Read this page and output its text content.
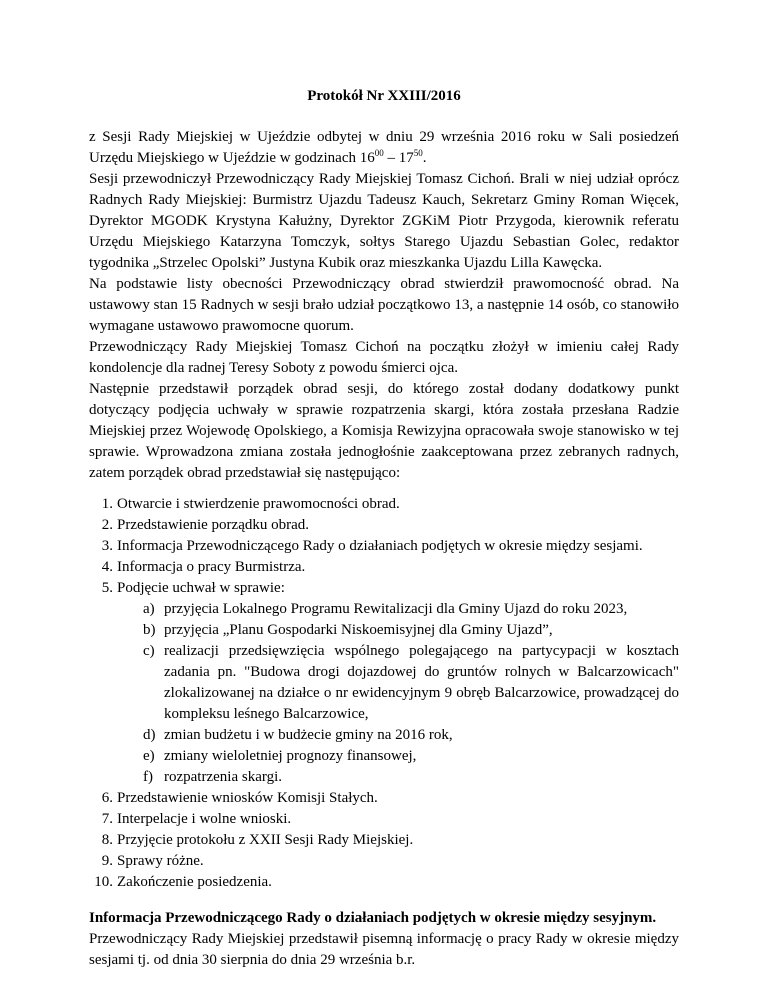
Protokół Nr XXIII/2016

z Sesji Rady Miejskiej w Ujeździe odbytej w dniu 29 września 2016 roku w Sali posiedzeń Urzędu Miejskiego w Ujeździe w godzinach $16^{00} - 17^{50}$.

Sesji przewodniczył Przewodniczący Rady Miejskiej Tomasz Cichoń. Brali w niej udział oprócz Radnych Rady Miejskiej: Burmistrz Ujazdu Tadeusz Kauch, Sekretarz Gminy Roman Więcek, Dyrektor MGODK Krystyna Kałużny, Dyrektor ZGKiM Piotr Przygoda, kierownik referatu Urzędu Miejskiego Katarzyna Tomczyk, sołtys Starego Ujazdu Sebastian Golec, redaktor tygodnika „Strzelec Opolski” Justyna Kubik oraz mieszkanka Ujazdu Lilla Kawęcka.

Na podstawie listy obecności Przewodniczący obrad stwierdził prawomocność obrad. Na ustawowy stan 15 Radnych w sesji brało udział początkowo 13, a następnie 14 osób, co stanowiło wymagane ustawowo prawomocne quorum.

Przewodniczący Rady Miejskiej Tomasz Cichoń na początku złożył w imieniu całej Rady kondolencje dla radnej Teresy Soboty z powodu śmierci ojca.

Następnie przedstawił porządek obrad sesji, do którego został dodany dodatkowy punkt dotyczący podjęcia uchwały w sprawie rozpatrzenia skargi, która została przesłana Radzie Miejskiej przez Wojewodę Opolskiego, a Komisja Rewizyjna opracowała swoje stanowisko w tej sprawie. Wprowadzona zmiana została jednogłośnie zaakceptowana przez zebranych radnych, zatem porządek obrad przedstawiał się następująco:

1. Otwarcie i stwierdzenie prawomocności obrad.
2. Przedstawienie porządku obrad.
3. Informacja Przewodniczącego Rady o działaniach podjętych w okresie między sesjami.
4. Informacja o pracy Burmistrza.
5. Podjęcie uchwał w sprawie:
a) przyjęcia Lokalnego Programu Rewitalizacji dla Gminy Ujazd do roku 2023,
b) przyjęcia „Planu Gospodarki Niskoemisyjnej dla Gminy Ujazd”,
c) realizacji przedsięwzięcia wspólnego polegającego na partycypacji w kosztach zadania pn. "Budowa drogi dojazdowej do gruntów rolnych w Balcarzowicach" zlokalizowanej na działce o nr ewidencyjnym 9 obręb Balcarzowice, prowadzącej do kompleksu leśnego Balcarzowice,
d) zmian budżetu i w budżecie gminy na 2016 rok,
e) zmiany wieloletniej prognozy finansowej,
f) rozpatrzenia skargi.
6. Przedstawienie wniosków Komisji Stałych.
7. Interpelacje i wolne wnioski.
8. Przyjęcie protokołu z XXII Sesji Rady Miejskiej.
9. Sprawy różne.
10. Zakończenie posiedzenia.

Informacja Przewodniczącego Rady o działaniach podjętych w okresie między sesyjnym.

Przewodniczący Rady Miejskiej przedstawił pisemną informację o pracy Rady w okresie między sesjami tj. od dnia 30 sierpnia do dnia 29 września b.r.
